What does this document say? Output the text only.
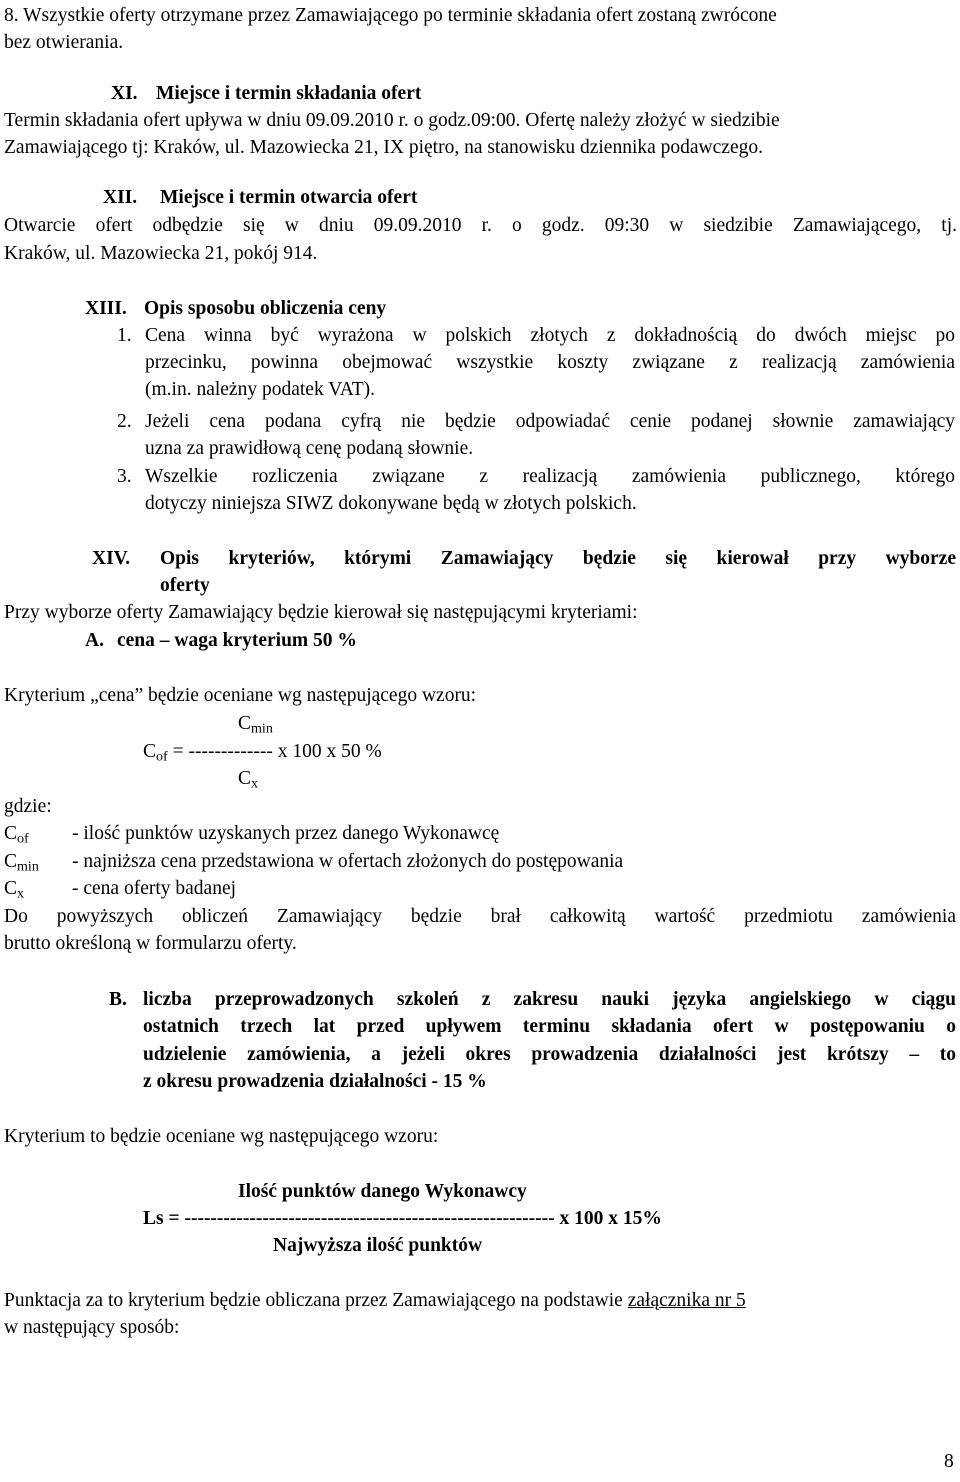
8. Wszystkie oferty otrzymane przez Zamawiającego po terminie składania ofert zostaną zwrócone
bez otwierania.
XI. Miejsce i termin składania ofert
Termin składania ofert upływa w dniu 09.09.2010 r. o godz.09:00. Ofertę należy złożyć w siedzibie
Zamawiającego tj: Kraków, ul. Mazowiecka 21, IX piętro, na stanowisku dziennika podawczego.
XII. Miejsce i termin otwarcia ofert
Otwarcie ofert odbędzie się w dniu 09.09.2010 r. o godz. 09:30 w siedzibie Zamawiającego, tj.
Kraków, ul. Mazowiecka 21, pokój 914.
XIII. Opis sposobu obliczenia ceny
1. Cena winna być wyrażona w polskich złotych z dokładnością do dwóch miejsc po
przecinku, powinna obejmować wszystkie koszty związane z realizacją zamówienia
(m.in. należny podatek VAT).
2. Jeżeli cena podana cyfrą nie będzie odpowiadać cenie podanej słownie zamawiający
uzna za prawidłową cenę podaną słownie.
3. Wszelkie rozliczenia związane z realizacją zamówienia publicznego, którego
dotyczy niniejsza SIWZ dokonywane będą w złotych polskich.
XIV. Opis kryteriów, którymi Zamawiający będzie się kierował przy wyborze
oferty
Przy wyborze oferty Zamawiający będzie kierował się następującymi kryteriami:
A. cena – waga kryterium 50 %
Kryterium „cena” będzie oceniane wg następującego wzoru:
$C_{min}$
$C_{of}$ = ------------- x 100 x 50 %
$C_x$
gdzie:
$C_{of}$ - ilość punktów uzyskanych przez danego Wykonawcę
$C_{min}$ - najniższa cena przedstawiona w ofertach złożonych do postępowania
$C_x$ - cena oferty badanej
Do powyższych obliczeń Zamawiający będzie brał całkowitą wartość przedmiotu zamówienia
brutto określoną w formularzu oferty.
B. liczba przeprowadzonych szkoleń z zakresu nauki języka angielskiego w ciągu
ostatnich trzech lat przed upływem terminu składania ofert w postępowaniu o
udzielenie zamówienia, a jeżeli okres prowadzenia działalności jest krótszy – to
z okresu prowadzenia działalności - 15 %
Kryterium to będzie oceniane wg następującego wzoru:
Ilość punktów danego Wykonawcy
Ls = --------------------------------------------------------- x 100 x 15%
Najwyższa ilość punktów
Punktacja za to kryterium będzie obliczana przez Zamawiającego na podstawie załącznika nr 5
w następujący sposób:
8
